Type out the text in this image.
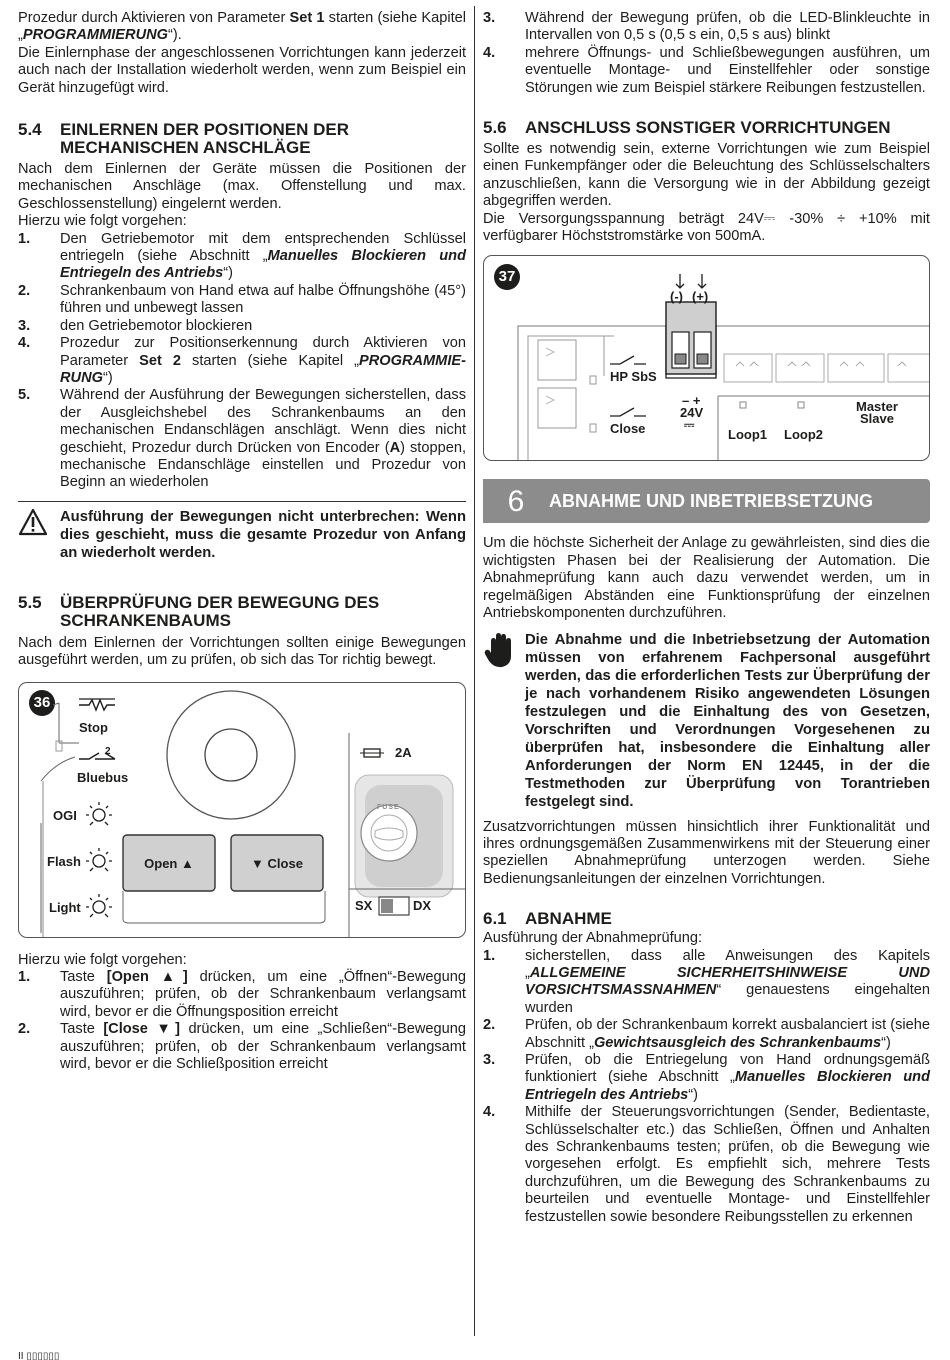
Prozedur durch Aktivieren von Parameter Set 1 starten (siehe Kapitel „PROGRAMMIERUNG“).

Die Einlernphase der angeschlossenen Vorrichtungen kann jederzeit auch nach der Installation wiederholt werden, wenn zum Beispiel ein Gerät hinzugefügt wird.

5.4	EINLERNEN DER POSITIONEN DER MECHANISCHEN ANSCHLÄGE

Nach dem Einlernen der Geräte müssen die Positionen der mechanischen Anschläge (max. Offenstellung und max. Geschlossenstellung) eingelernt werden.

Hierzu wie folgt vorgehen:

1.	Den Getriebemotor mit dem entsprechenden Schlüssel entriegeln (siehe Abschnitt „Manuelles Blockieren und Entriegeln des Antriebs“)
2.	Schrankenbaum von Hand etwa auf halbe Öffnungshöhe (45°) führen und unbewegt lassen
3.	den Getriebemotor blockieren
4.	Prozedur zur Positionserkennung durch Aktivieren von Parameter Set 2 starten (siehe Kapitel „PROGRAMMIERUNG“)
5.	Während der Ausführung der Bewegungen sicherstellen, dass der Ausgleichshebel des Schrankenbaums an den mechanischen Endanschlägen anschlägt. Wenn dies nicht geschieht, Prozedur durch Drücken von Encoder (A) stoppen, mechanische Endanschläge einstellen und Prozedur von Beginn an wiederholen
Ausführung der Bewegungen nicht unterbrechen: Wenn dies geschieht, muss die gesamte Prozedur von Anfang an wiederholt werden.
5.5	ÜBERPRÜFUNG DER BEWEGUNG DES SCHRANKENBAUMS

Nach dem Einlernen der Vorrichtungen sollten einige Bewegungen ausgeführt werden, um zu prüfen, ob sich das Tor richtig bewegt.

36
Stop
2
Bluebus
OGI
Flash
Light
Open ▲	▼ Close
2A
FUSE
SX	DX

Hierzu wie folgt vorgehen:

1.	Taste [Open ▲] drücken, um eine „Öffnen“-Bewegung auszuführen; prüfen, ob der Schrankenbaum verlangsamt wird, bevor er die Öffnungsposition erreicht
2.	Taste [Close ▼] drücken, um eine „Schließen“-Bewegung auszuführen; prüfen, ob der Schrankenbaum verlangsamt wird, bevor er die Schließposition erreicht
3.	Während der Bewegung prüfen, ob die LED-Blinkleuchte in Intervallen von 0,5 s (0,5 s ein, 0,5 s aus) blinkt
4.	mehrere Öffnungs- und Schließbewegungen ausführen, um eventuelle Montage- und Einstellfehler oder sonstige Störungen wie zum Beispiel stärkere Reibungen festzustellen.
5.6	ANSCHLUSS SONSTIGER VORRICHTUNGEN

Sollte es notwendig sein, externe Vorrichtungen wie zum Beispiel einen Funkempfänger oder die Beleuchtung des Schlüsselschalters anzuschließen, kann die Versorgung wie in der Abbildung gezeigt abgegriffen werden.

Die Versorgungsspannung beträgt 24V⎓ -30% ÷ +10% mit verfügbarer Höchststromstärke von 500mA.

37
(-) (+)
HP SbS
Close
– +
24V
⎓
Loop1 Loop2
Master
Slave
6	ABNAHME UND INBETRIEBSETZUNG

Um die höchste Sicherheit der Anlage zu gewährleisten, sind dies die wichtigsten Phasen bei der Realisierung der Automation. Die Abnahmeprüfung kann auch dazu verwendet werden, um in regelmäßigen Abständen eine Funktionsprüfung der einzelnen Antriebskomponenten durchzuführen.

Die Abnahme und die Inbetriebsetzung der Automation müssen von erfahrenem Fachpersonal ausgeführt werden, das die erforderlichen Tests zur Überprüfung der je nach vorhandenem Risiko angewendeten Lösungen festzulegen und die Einhaltung des von Gesetzen, Vorschriften und Verordnungen Vorgesehenen zu überprüfen hat, insbesondere die Einhaltung aller Anforderungen der Norm EN 12445, in der die Testmethoden zur Überprüfung von Torantrieben festgelegt sind.

Zusatzvorrichtungen müssen hinsichtlich ihrer Funktionalität und ihres ordnungsgemäßen Zusammenwirkens mit der Steuerung einer speziellen Abnahmeprüfung unterzogen werden. Siehe Bedienungsanleitungen der einzelnen Vorrichtungen.

6.1	ABNAHME

Ausführung der Abnahmeprüfung:

1.	sicherstellen, dass alle Anweisungen des Kapitels „ALLGEMEINE SICHERHEITSHINWEISE UND VORSICHTSMASSNAHMEN“ genauestens eingehalten wurden
2.	Prüfen, ob der Schrankenbaum korrekt ausbalanciert ist (siehe Abschnitt „Gewichtsausgleich des Schrankenbaums“)
3.	Prüfen, ob die Entriegelung von Hand ordnungsgemäß funktioniert (siehe Abschnitt „Manuelles Blockieren und Entriegeln des Antriebs“)
4.	Mithilfe der Steuerungsvorrichtungen (Sender, Bedientaste, Schlüsselschalter etc.) das Schließen, Öffnen und Anhalten des Schrankenbaums testen; prüfen, ob die Bewegung wie vorgesehen erfolgt. Es empfiehlt sich, mehrere Tests durchzuführen, um die Bewegung des Schrankenbaums zu beurteilen und eventuelle Montage- und Einstellfehler festzustellen sowie besondere Reibungsstellen zu erkennen
II ▯▯▯▯▯▯
